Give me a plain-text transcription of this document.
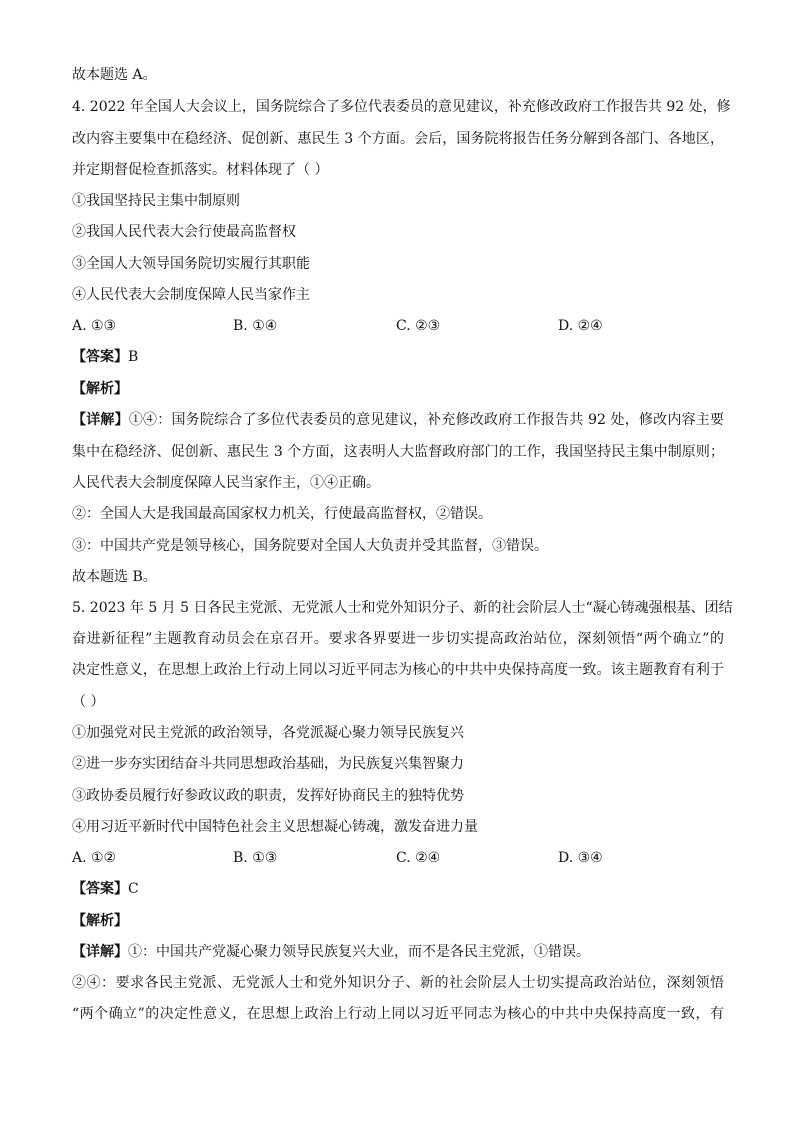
故本题选 A。
4. 2022 年全国人大会议上，国务院综合了多位代表委员的意见建议，补充修改政府工作报告共 92 处，修
改内容主要集中在稳经济、促创新、惠民生 3 个方面。会后，国务院将报告任务分解到各部门、各地区，
并定期督促检查抓落实。材料体现了（ ）
①我国坚持民主集中制原则
②我国人民代表大会行使最高监督权
③全国人大领导国务院切实履行其职能
④人民代表大会制度保障人民当家作主
A. ①③	B. ①④	C. ②③	D. ②④
【答案】B
【解析】
【详解】①④：国务院综合了多位代表委员的意见建议，补充修改政府工作报告共 92 处，修改内容主要
集中在稳经济、促创新、惠民生 3 个方面，这表明人大监督政府部门的工作，我国坚持民主集中制原则；
人民代表大会制度保障人民当家作主，①④正确。
②：全国人大是我国最高国家权力机关，行使最高监督权，②错误。
③：中国共产党是领导核心，国务院要对全国人大负责并受其监督，③错误。
故本题选 B。
5. 2023 年 5 月 5 日各民主党派、无党派人士和党外知识分子、新的社会阶层人士“凝心铸魂强根基、团结
奋进新征程”主题教育动员会在京召开。要求各界要进一步切实提高政治站位，深刻领悟“两个确立”的
决定性意义，在思想上政治上行动上同以习近平同志为核心的中共中央保持高度一致。该主题教育有利于
（ ）
①加强党对民主党派的政治领导，各党派凝心聚力领导民族复兴
②进一步夯实团结奋斗共同思想政治基础，为民族复兴集智聚力
③政协委员履行好参政议政的职责，发挥好协商民主的独特优势
④用习近平新时代中国特色社会主义思想凝心铸魂，激发奋进力量
A. ①②	B. ①③	C. ②④	D. ③④
【答案】C
【解析】
【详解】①：中国共产党凝心聚力领导民族复兴大业，而不是各民主党派，①错误。
②④：要求各民主党派、无党派人士和党外知识分子、新的社会阶层人士切实提高政治站位，深刻领悟
“两个确立”的决定性意义，在思想上政治上行动上同以习近平同志为核心的中共中央保持高度一致，有
